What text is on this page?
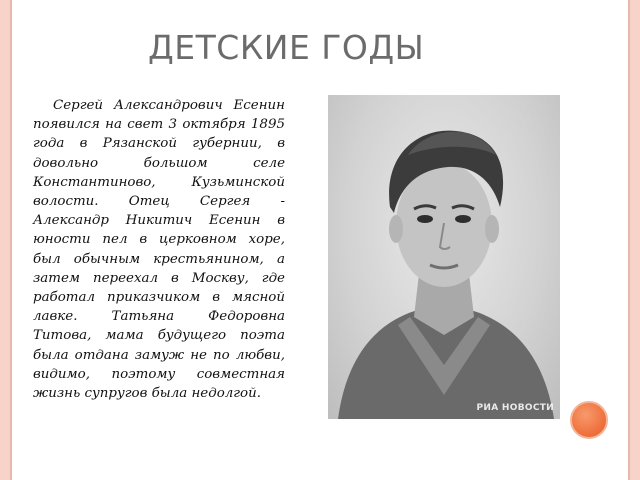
ДЕТСКИЕ ГОДЫ

Сергей Александрович Есенин появился на свет 3 октября 1895 года в Рязанской губернии, в довольно большом селе Константиново, Кузьминской волости. Отец Сергея - Александр Никитич Есенин в юности пел в церковном хоре, был обычным крестьянином, а затем переехал в Москву, где работал приказчиком в мясной лавке. Татьяна Федоровна Титова, мама будущего поэта была отдана замуж не по любви, видимо, поэтому совместная жизнь супругов была недолгой.

РИА НОВОСТИ
